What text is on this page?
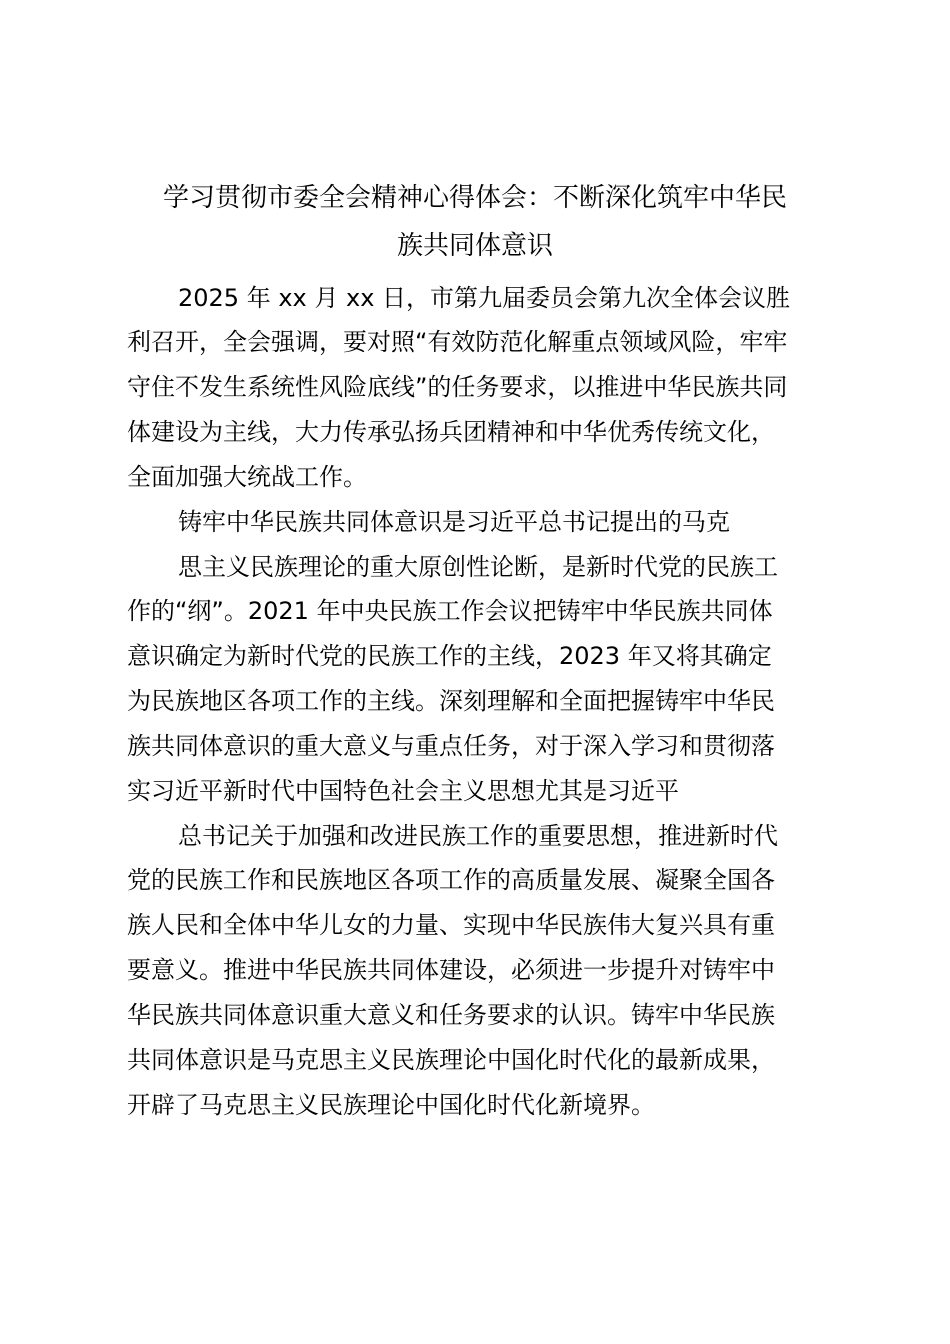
学习贯彻市委全会精神心得体会：不断深化筑牢中华民
族共同体意识

2025 年 xx 月 xx 日，市第九届委员会第九次全体会议胜

利召开，全会强调，要对照“有效防范化解重点领域风险，牢牢

守住不发生系统性风险底线”的任务要求，以推进中华民族共同

体建设为主线，大力传承弘扬兵团精神和中华优秀传统文化，

全面加强大统战工作。

铸牢中华民族共同体意识是习近平总书记提出的马克

思主义民族理论的重大原创性论断，是新时代党的民族工

作的“纲”。2021 年中央民族工作会议把铸牢中华民族共同体

意识确定为新时代党的民族工作的主线，2023 年又将其确定

为民族地区各项工作的主线。深刻理解和全面把握铸牢中华民

族共同体意识的重大意义与重点任务，对于深入学习和贯彻落

实习近平新时代中国特色社会主义思想尤其是习近平

总书记关于加强和改进民族工作的重要思想，推进新时代

党的民族工作和民族地区各项工作的高质量发展、凝聚全国各

族人民和全体中华儿女的力量、实现中华民族伟大复兴具有重

要意义。推进中华民族共同体建设，必须进一步提升对铸牢中

华民族共同体意识重大意义和任务要求的认识。铸牢中华民族

共同体意识是马克思主义民族理论中国化时代化的最新成果，

开辟了马克思主义民族理论中国化时代化新境界。
